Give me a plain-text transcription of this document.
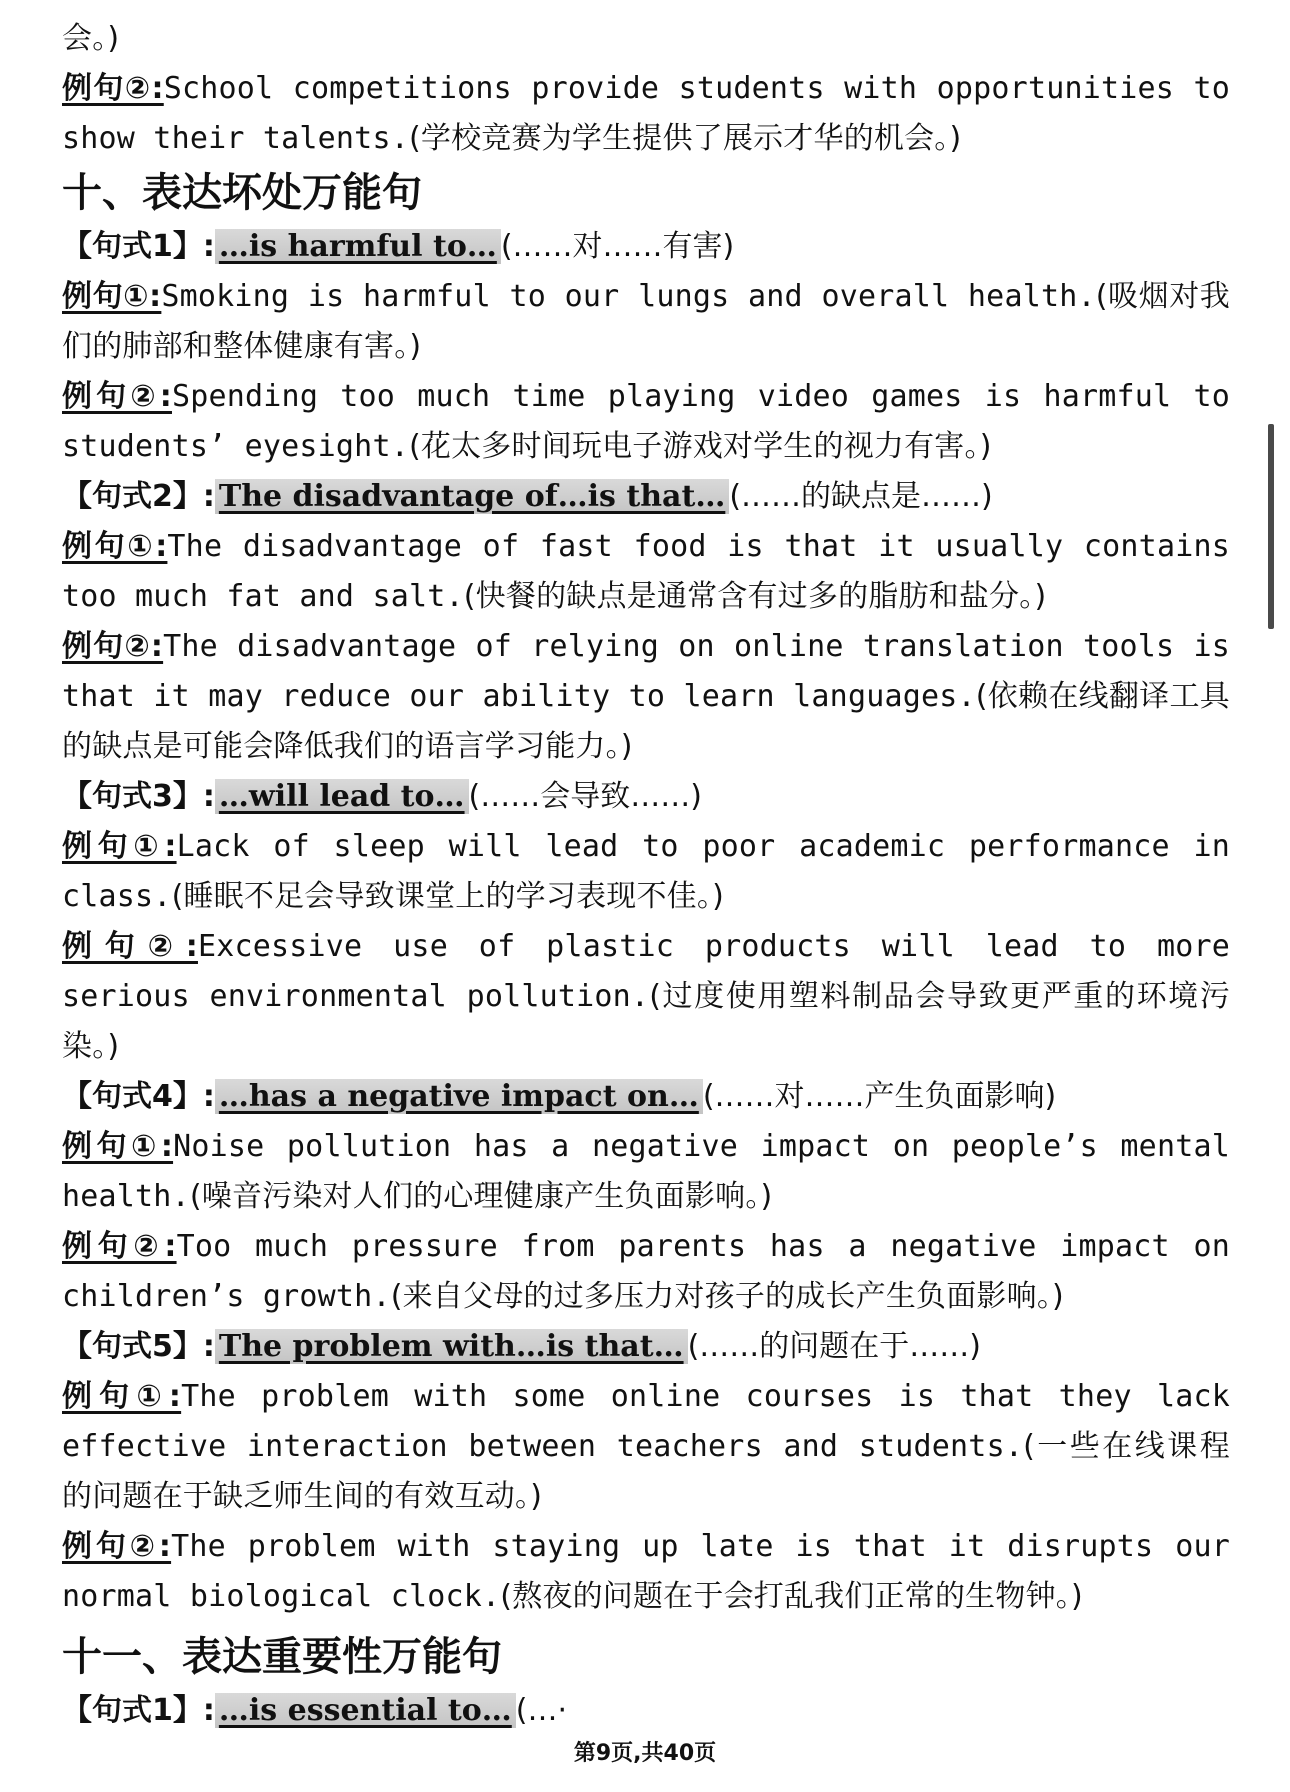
会。)
例句②:School competitions provide students with opportunities to show their talents.(学校竞赛为学生提供了展示才华的机会。)
十、表达坏处万能句
【句式1】: …is harmful to… (……对……有害)
例句①:Smoking is harmful to our lungs and overall health.(吸烟对我们的肺部和整体健康有害。)
例句②:Spending too much time playing video games is harmful to students’ eyesight.(花太多时间玩电子游戏对学生的视力有害。)
【句式2】: The disadvantage of…is that… (……的缺点是……)
例句①:The disadvantage of fast food is that it usually contains too much fat and salt.(快餐的缺点是通常含有过多的脂肪和盐分。)
例句②:The disadvantage of relying on online translation tools is that it may reduce our ability to learn languages.(依赖在线翻译工具的缺点是可能会降低我们的语言学习能力。)
【句式3】: …will lead to… (……会导致……)
例句①:Lack of sleep will lead to poor academic performance in class.(睡眠不足会导致课堂上的学习表现不佳。)
例句②:Excessive use of plastic products will lead to more serious environmental pollution.(过度使用塑料制品会导致更严重的环境污染。)
【句式4】: …has a negative impact on… (……对……产生负面影响)
例句①:Noise pollution has a negative impact on people’s mental health.(噪音污染对人们的心理健康产生负面影响。)
例句②:Too much pressure from parents has a negative impact on children’s growth.(来自父母的过多压力对孩子的成长产生负面影响。)
【句式5】: The problem with…is that… (……的问题在于……)
例句①:The problem with some online courses is that they lack effective interaction between teachers and students.(一些在线课程的问题在于缺乏师生间的有效互动。)
例句②:The problem with staying up late is that it disrupts our normal biological clock.(熬夜的问题在于会打乱我们正常的生物钟。)
十一、表达重要性万能句
【句式1】: …is essential to… (…·
第9页,共40页
